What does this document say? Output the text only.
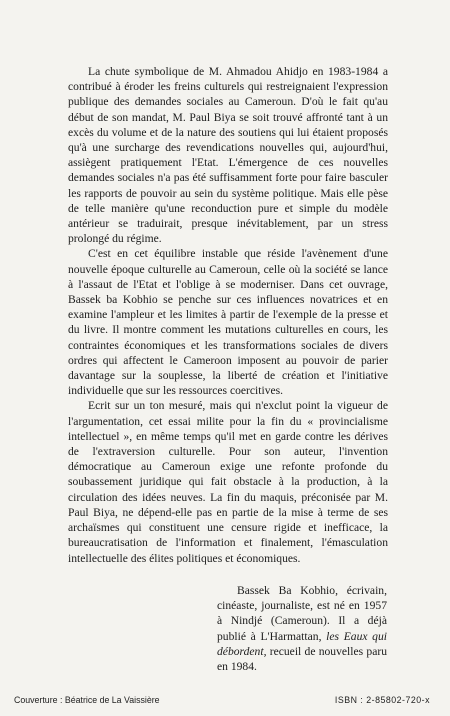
La chute symbolique de M. Ahmadou Ahidjo en 1983-1984 a contribué à éroder les freins culturels qui restreignaient l'expression publique des demandes sociales au Cameroun. D'où le fait qu'au début de son mandat, M. Paul Biya se soit trouvé affronté tant à un excès du volume et de la nature des soutiens qui lui étaient proposés qu'à une surcharge des revendications nouvelles qui, aujourd'hui, assiègent pratiquement l'Etat. L'émergence de ces nouvelles demandes sociales n'a pas été suffisamment forte pour faire basculer les rapports de pouvoir au sein du système politique. Mais elle pèse de telle manière qu'une reconduction pure et simple du modèle antérieur se traduirait, presque inévitablement, par un stress prolongé du régime.

C'est en cet équilibre instable que réside l'avènement d'une nouvelle époque culturelle au Cameroun, celle où la société se lance à l'assaut de l'Etat et l'oblige à se moderniser. Dans cet ouvrage, Bassek ba Kobhio se penche sur ces influences novatrices et en examine l'ampleur et les limites à partir de l'exemple de la presse et du livre. Il montre comment les mutations culturelles en cours, les contraintes économiques et les transformations sociales de divers ordres qui affectent le Cameroon imposent au pouvoir de parier davantage sur la souplesse, la liberté de création et l'initiative individuelle que sur les ressources coercitives.

Ecrit sur un ton mesuré, mais qui n'exclut point la vigueur de l'argumentation, cet essai milite pour la fin du « provincialisme intellectuel », en même temps qu'il met en garde contre les dérives de l'extraversion culturelle. Pour son auteur, l'invention démocratique au Cameroun exige une refonte profonde du soubassement juridique qui fait obstacle à la production, à la circulation des idées neuves. La fin du maquis, préconisée par M. Paul Biya, ne dépend-elle pas en partie de la mise à terme de ses archaïsmes qui constituent une censure rigide et inefficace, la bureaucratisation de l'information et finalement, l'émasculation intellectuelle des élites politiques et économiques.

Bassek Ba Kobhio, écrivain, cinéaste, journaliste, est né en 1957 à Nindjé (Cameroun). Il a déjà publié à L'Harmattan, les Eaux qui débordent, recueil de nouvelles paru en 1984.

Couverture : Béatrice de La Vaissière	ISBN : 2-85802-720-x
